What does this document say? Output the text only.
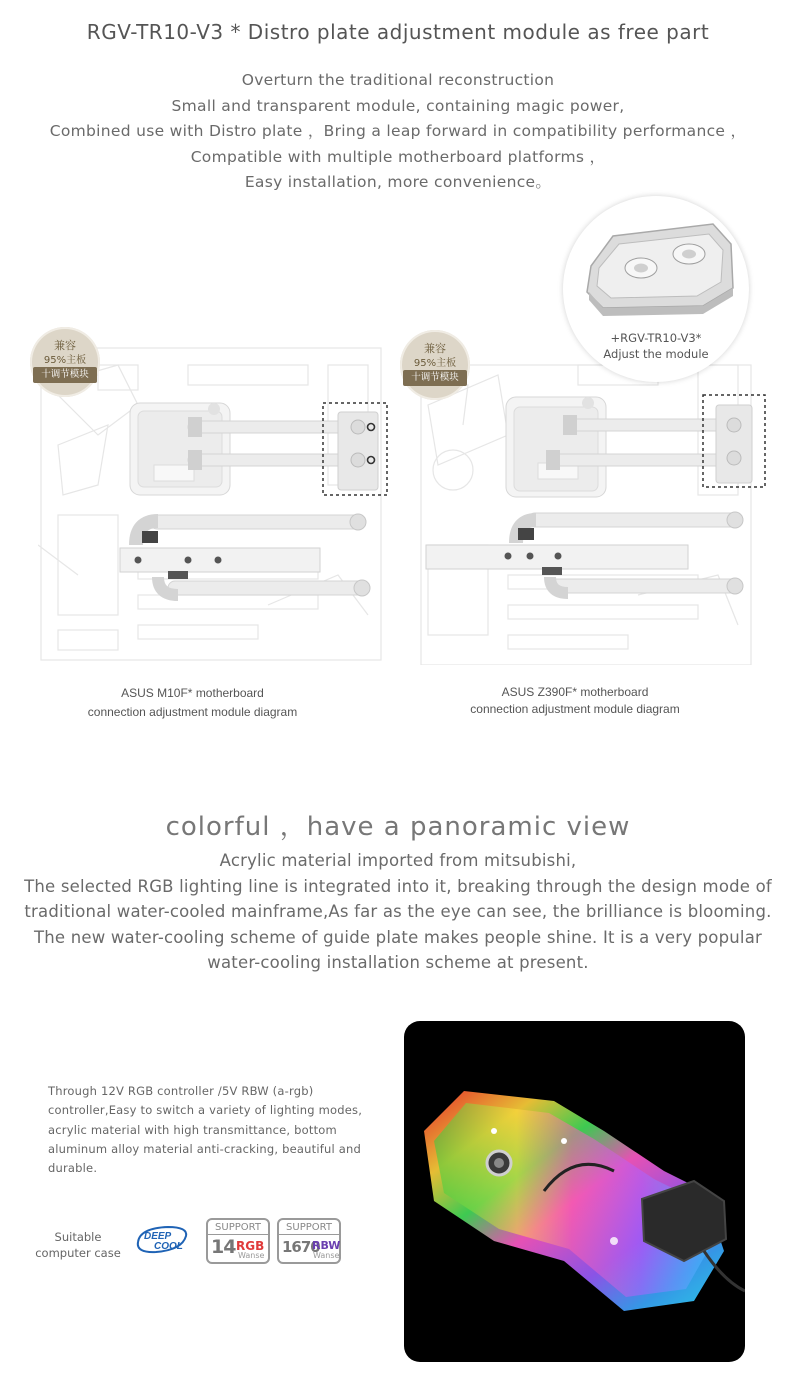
RGV-TR10-V3 * Distro plate adjustment module as free part
Overturn the traditional reconstruction
Small and transparent module, containing magic power,
Combined use with Distro plate ，Bring a leap forward in compatibility performance ，
Compatible with multiple motherboard platforms ，
Easy installation, more convenience。
兼容
95%主板
十调节模块
兼容
95%主板
十调节模块
+RGV-TR10-V3*
Adjust the module
ASUS M10F* motherboard
connection adjustment module diagram
ASUS Z390F* motherboard
connection adjustment module diagram
colorful ，have a panoramic view
Acrylic material imported from mitsubishi,
The selected RGB lighting line is integrated into it, breaking through the design mode of
traditional water-cooled mainframe,As far as the eye can see, the brilliance is blooming.
The new water-cooling scheme of guide plate makes people shine. It is a very popular
water-cooling installation scheme at present.
Through 12V RGB controller /5V RBW (a-rgb)
controller,Easy to switch a variety of lighting modes,
acrylic material with high transmittance, bottom
aluminum alloy material anti-cracking, beautiful and
durable.
Suitable
computer case
DEEP
COOL
SUPPORT
14 RGB
Wanse
SUPPORT
1670
RBW
Wanse
